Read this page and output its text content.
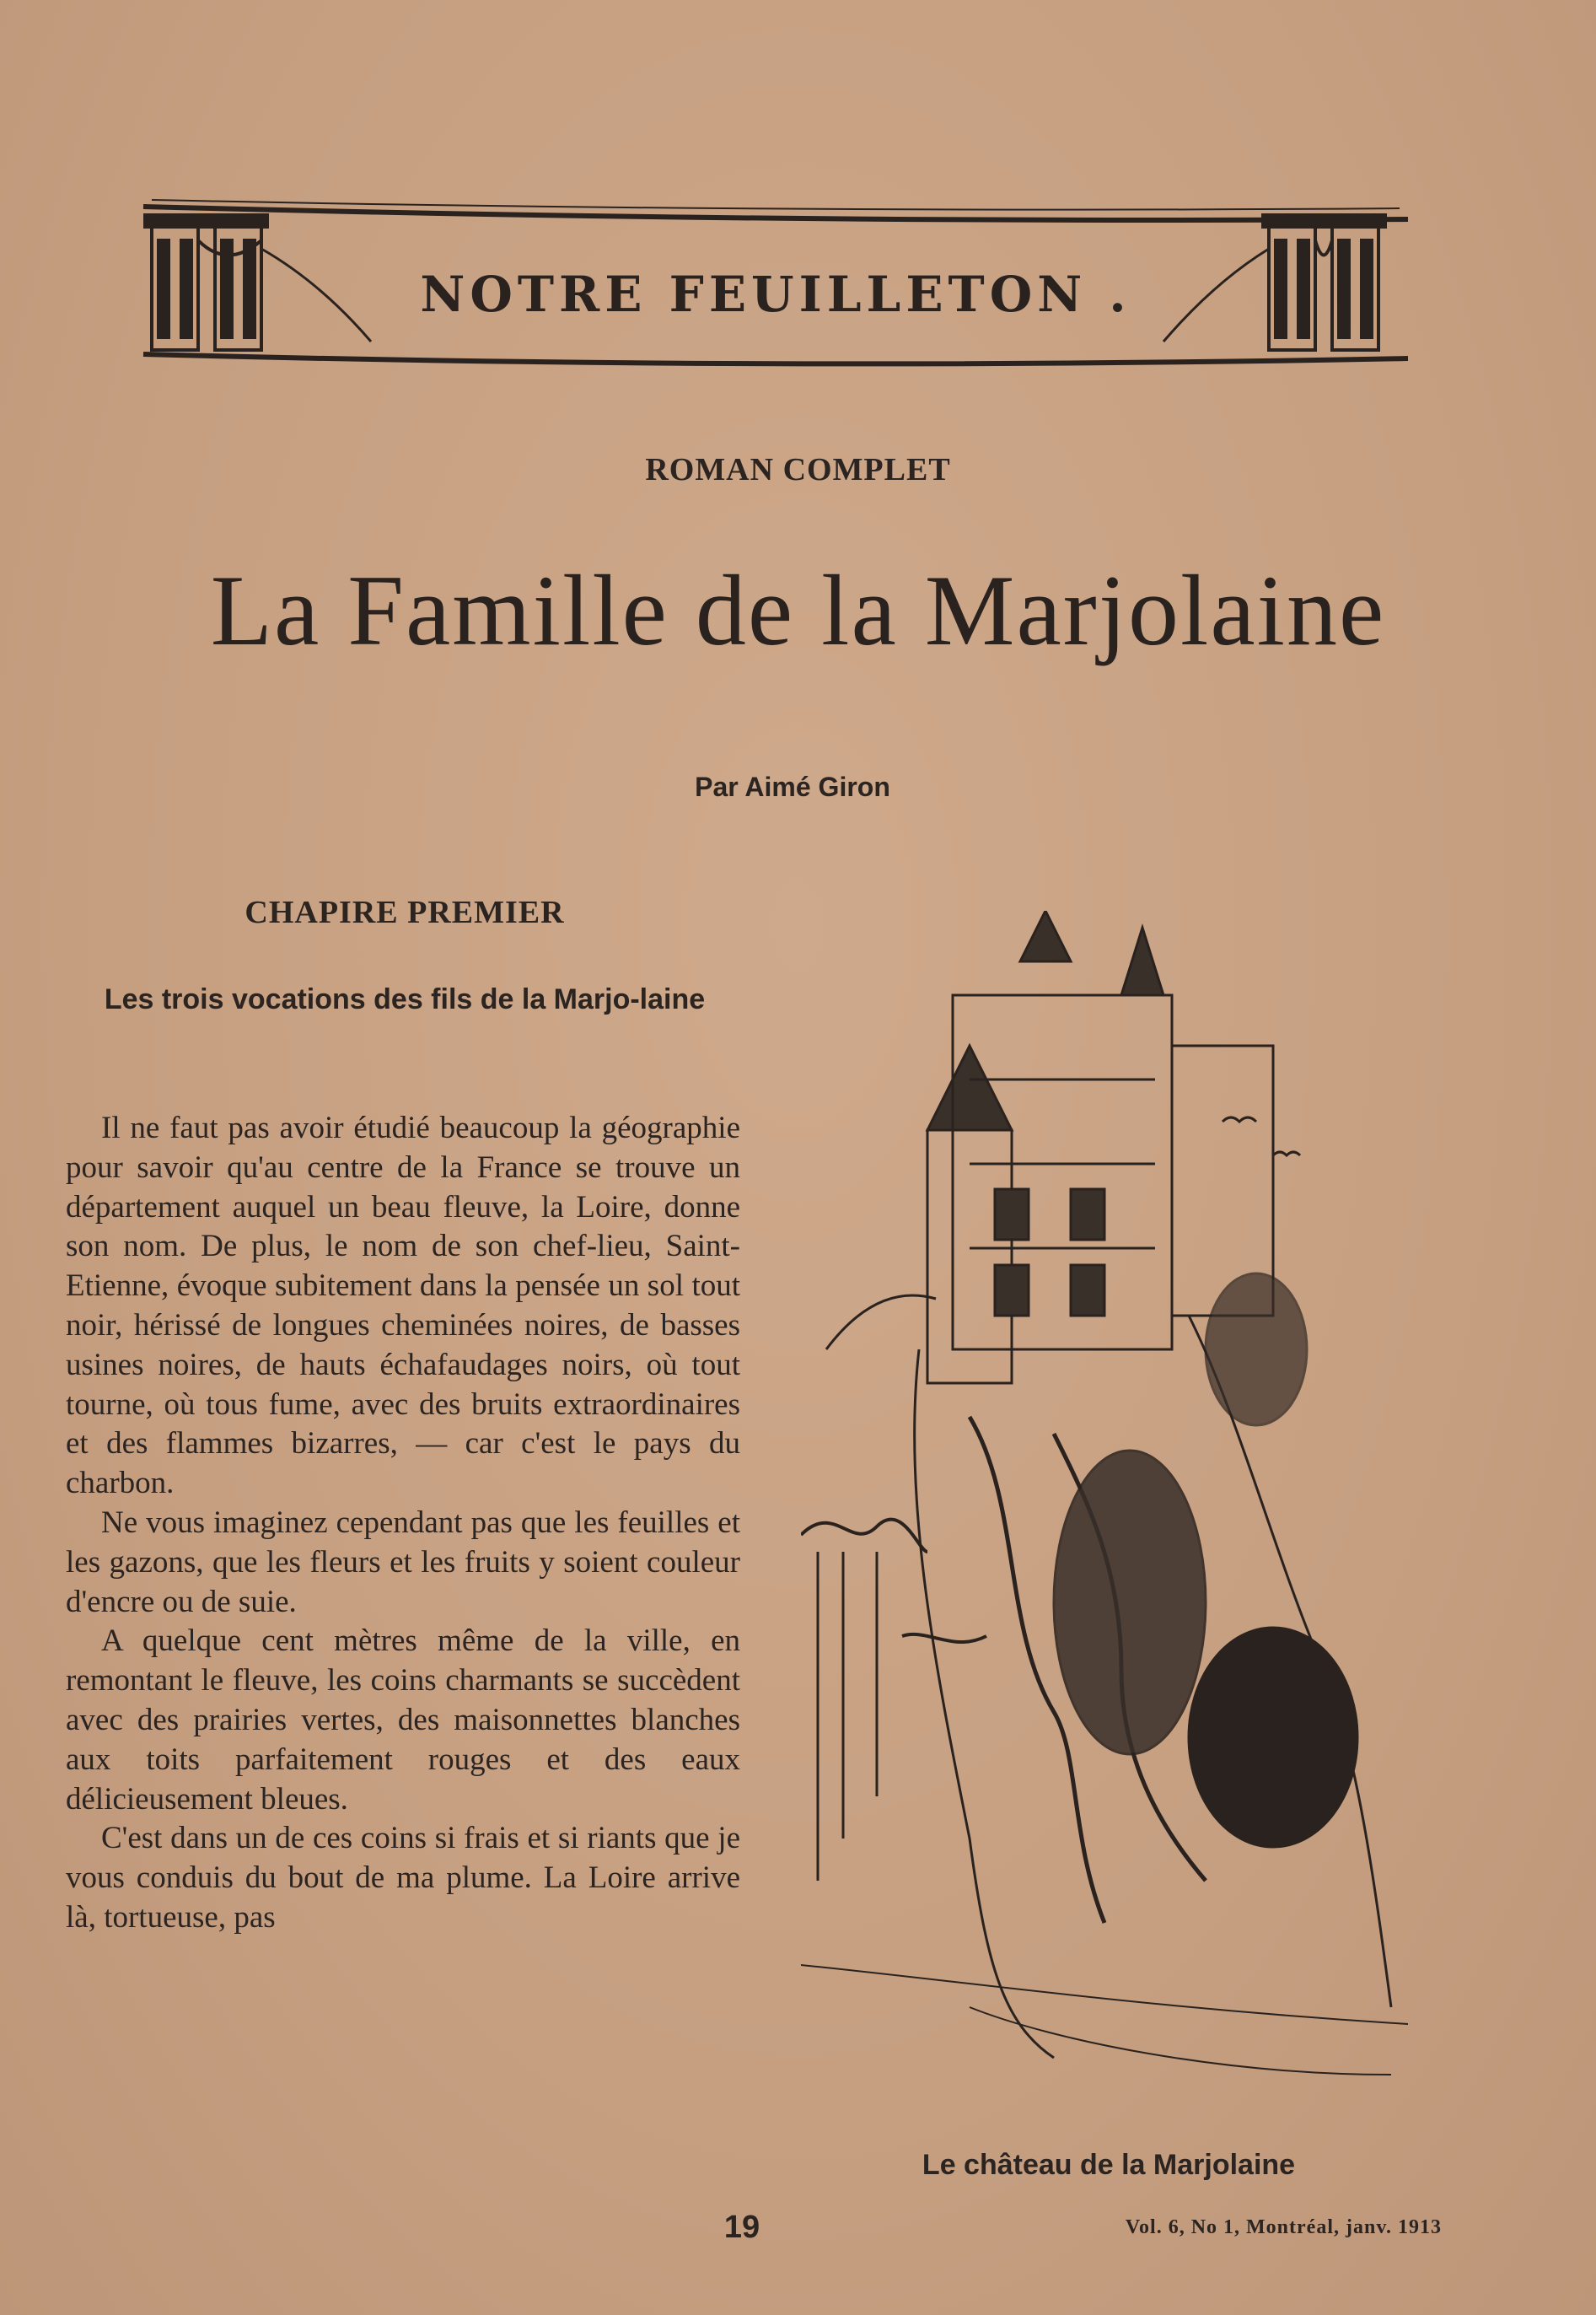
NOTRE FEUILLETON .
ROMAN COMPLET
La Famille de la Marjolaine
Par Aimé Giron
CHAPIRE PREMIER
Les trois vocations des fils de la Marjo-laine

Il ne faut pas avoir étudié beaucoup la géographie pour savoir qu'au centre de la France se trouve un département auquel un beau fleuve, la Loire, donne son nom. De plus, le nom de son chef-lieu, Saint-Etienne, évoque subitement dans la pensée un sol tout noir, hérissé de longues cheminées noires, de basses usines noires, de hauts échafaudages noirs, où tout tourne, où tous fume, avec des bruits extraordinaires et des flammes bizarres, — car c'est le pays du charbon.

Ne vous imaginez cependant pas que les feuilles et les gazons, que les fleurs et les fruits y soient couleur d'encre ou de suie.

A quelque cent mètres même de la ville, en remontant le fleuve, les coins charmants se succèdent avec des prairies vertes, des maisonnettes blanches aux toits parfaitement rouges et des eaux délicieusement bleues.

C'est dans un de ces coins si frais et si riants que je vous conduis du bout de ma plume. La Loire arrive là, tortueuse, pas

Le château de la Marjolaine
19	Vol. 6, No 1, Montréal, janv. 1913
